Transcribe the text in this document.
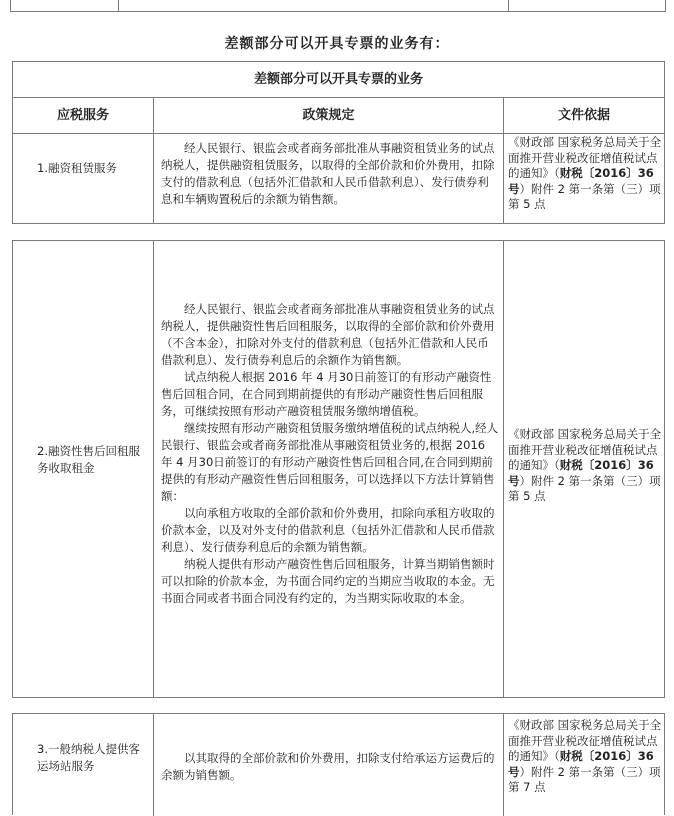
差额部分可以开具专票的业务有：
差额部分可以开具专票的业务
应税服务	政策规定	文件依据
1.融资租赁服务

经人民银行、银监会或者商务部批准从事融资租赁业务的试点纳税人，提供融资租赁服务，以取得的全部价款和价外费用，扣除支付的借款利息（包括外汇借款和人民币借款利息）、发行债券利息和车辆购置税后的余额为销售额。

《财政部 国家税务总局关于全面推开营业税改征增值税试点的通知》（财税〔2016〕36号）附件 2 第一条第（三）项第 5 点
2.融资性售后回租服务收取租金

经人民银行、银监会或者商务部批准从事融资租赁业务的试点纳税人，提供融资性售后回租服务，以取得的全部价款和价外费用（不含本金），扣除对外支付的借款利息（包括外汇借款和人民币借款利息）、发行债券利息后的余额作为销售额。

试点纳税人根据 2016 年 4 月30日前签订的有形动产融资性售后回租合同，在合同到期前提供的有形动产融资性售后回租服务，可继续按照有形动产融资租赁服务缴纳增值税。

继续按照有形动产融资租赁服务缴纳增值税的试点纳税人,经人民银行、银监会或者商务部批准从事融资租赁业务的,根据 2016 年 4 月30日前签订的有形动产融资性售后回租合同,在合同到期前提供的有形动产融资性售后回租服务，可以选择以下方法计算销售额：

以向承租方收取的全部价款和价外费用，扣除向承租方收取的价款本金，以及对外支付的借款利息（包括外汇借款和人民币借款利息）、发行债券利息后的余额为销售额。

纳税人提供有形动产融资性售后回租服务，计算当期销售额时可以扣除的价款本金，为书面合同约定的当期应当收取的本金。无书面合同或者书面合同没有约定的，为当期实际收取的本金。

《财政部 国家税务总局关于全面推开营业税改征增值税试点的通知》（财税〔2016〕36号）附件 2 第一条第（三）项第 5 点
3.一般纳税人提供客运场站服务

以其取得的全部价款和价外费用，扣除支付给承运方运费后的余额为销售额。

《财政部 国家税务总局关于全面推开营业税改征增值税试点的通知》（财税〔2016〕36号）附件 2 第一条第（三）项第 7 点
